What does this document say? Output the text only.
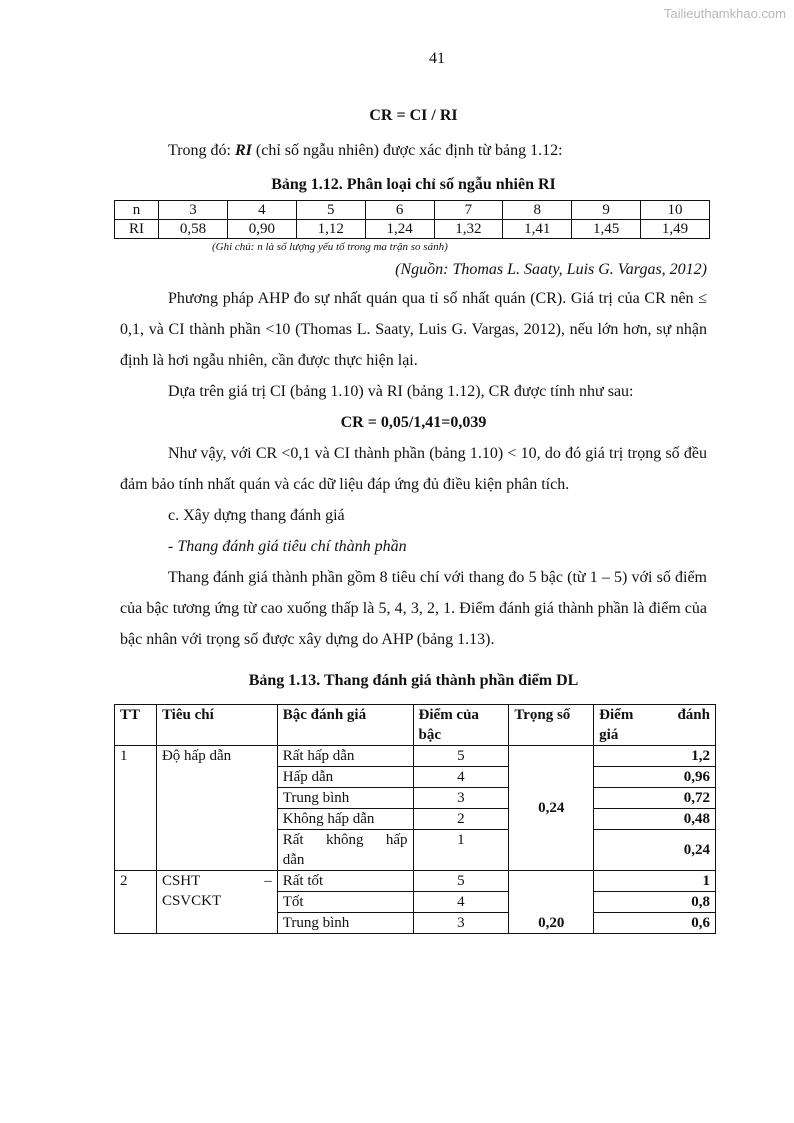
Tailieuthamkhao.com
41

CR = CI / RI

Trong đó: RI (chỉ số ngẫu nhiên) được xác định từ bảng 1.12:

Bảng 1.12. Phân loại chỉ số ngẫu nhiên RI

n	3	4	5	6	7	8	9	10
RI	0,58	0,90	1,12	1,24	1,32	1,41	1,45	1,49

(Ghi chú: n là số lượng yếu tố trong ma trận so sánh)

(Nguồn: Thomas L. Saaty, Luis G. Vargas, 2012)

Phương pháp AHP đo sự nhất quán qua tỉ số nhất quán (CR). Giá trị của CR nên ≤ 0,1, và CI thành phần <10 (Thomas L. Saaty, Luis G. Vargas, 2012), nếu lớn hơn, sự nhận định là hơi ngẫu nhiên, cần được thực hiện lại.

Dựa trên giá trị CI (bảng 1.10) và RI (bảng 1.12), CR được tính như sau:

CR = 0,05/1,41=0,039

Như vậy, với CR <0,1 và CI thành phần (bảng 1.10) < 10, do đó giá trị trọng số đều đảm bảo tính nhất quán và các dữ liệu đáp ứng đủ điều kiện phân tích.

c. Xây dựng thang đánh giá

- Thang đánh giá tiêu chí thành phần

Thang đánh giá thành phần gồm 8 tiêu chí với thang đo 5 bậc (từ 1 – 5) với số điểm của bậc tương ứng từ cao xuống thấp là 5, 4, 3, 2, 1. Điểm đánh giá thành phần là điểm của bậc nhân với trọng số được xây dựng do AHP (bảng 1.13).

Bảng 1.13. Thang đánh giá thành phần điểm DL

TT	Tiêu chí	Bậc đánh giá	Điểm của bậc	Trọng số	Điểm đánh
giá

1	Độ hấp dẫn	Rất hấp dẫn	5	0,24	1,2
		Hấp dẫn	4		0,96
		Trung bình	3		0,72
		Không hấp dẫn	2		0,48

		Rất không hấp
dẫn	1		0,24
2	CSHT –
CSVCKT	Rất tốt	5	0,20	1
		Tốt	4		0,8
		Trung bình	3		0,6
